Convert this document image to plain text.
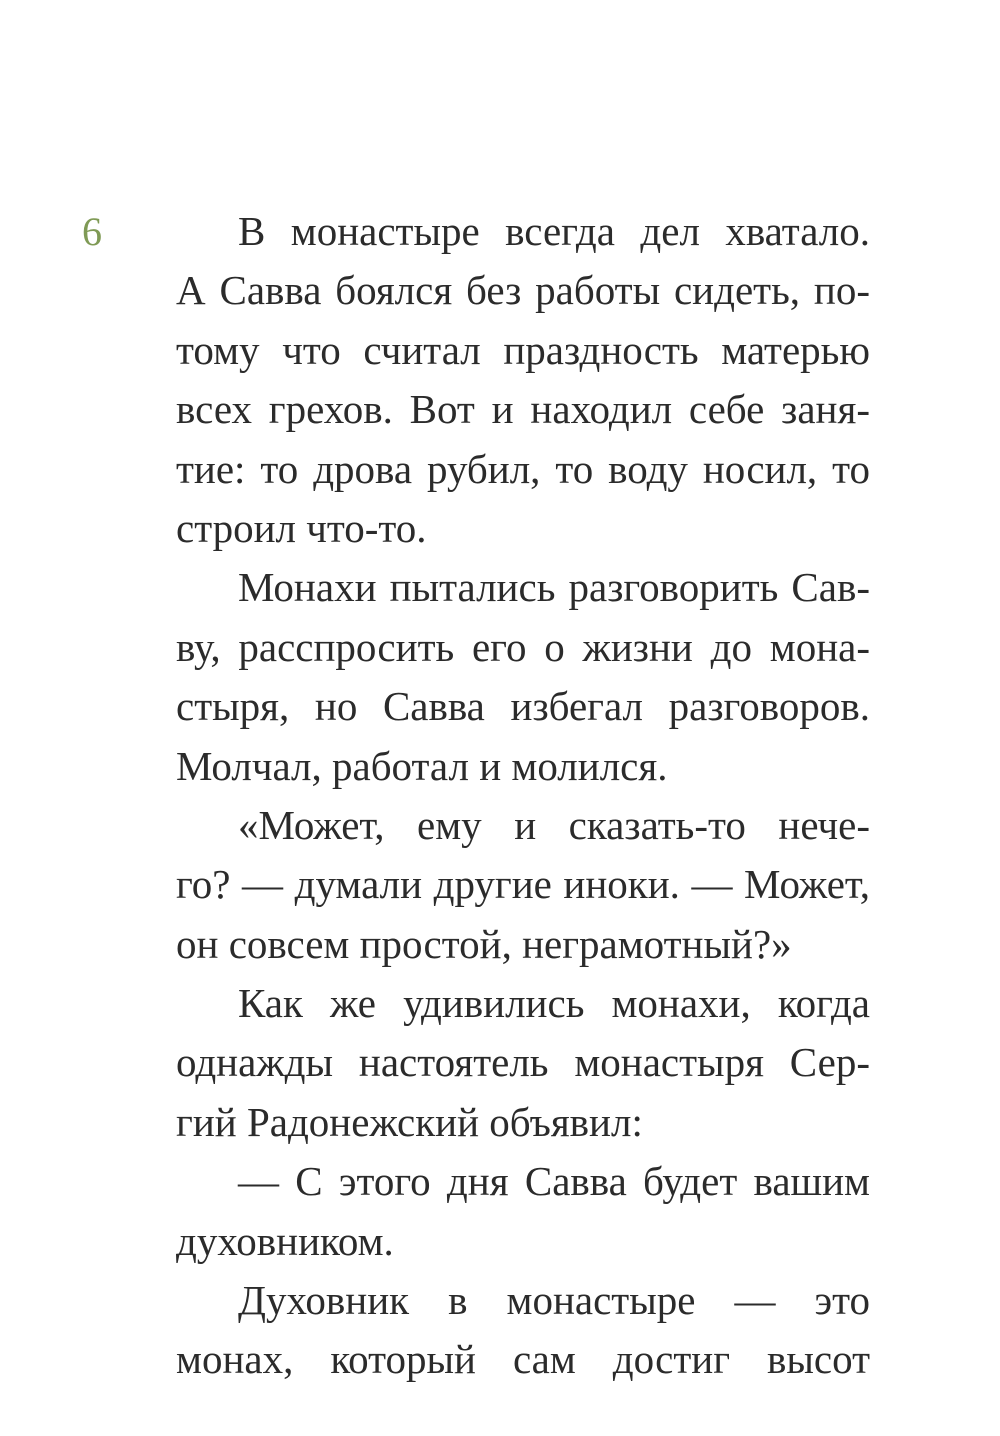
6	В монастыре всегда дел хватало.
А Савва боялся без работы сидеть, по-
тому что считал праздность матерью
всех грехов. Вот и находил себе заня-
тие: то дрова рубил, то воду носил, то
строил что-то.
Монахи пытались разговорить Сав-
ву, расспросить его о жизни до мона-
стыря, но Савва избегал разговоров.
Молчал, работал и молился.
«Может, ему и сказать-то нече-
го? — думали другие иноки. — Может,
он совсем простой, неграмотный?»
Как же удивились монахи, когда
однажды настоятель монастыря Сер-
гий Радонежский объявил:
— С этого дня Савва будет вашим
духовником.
Духовник в монастыре — это
монах, который сам достиг высот
